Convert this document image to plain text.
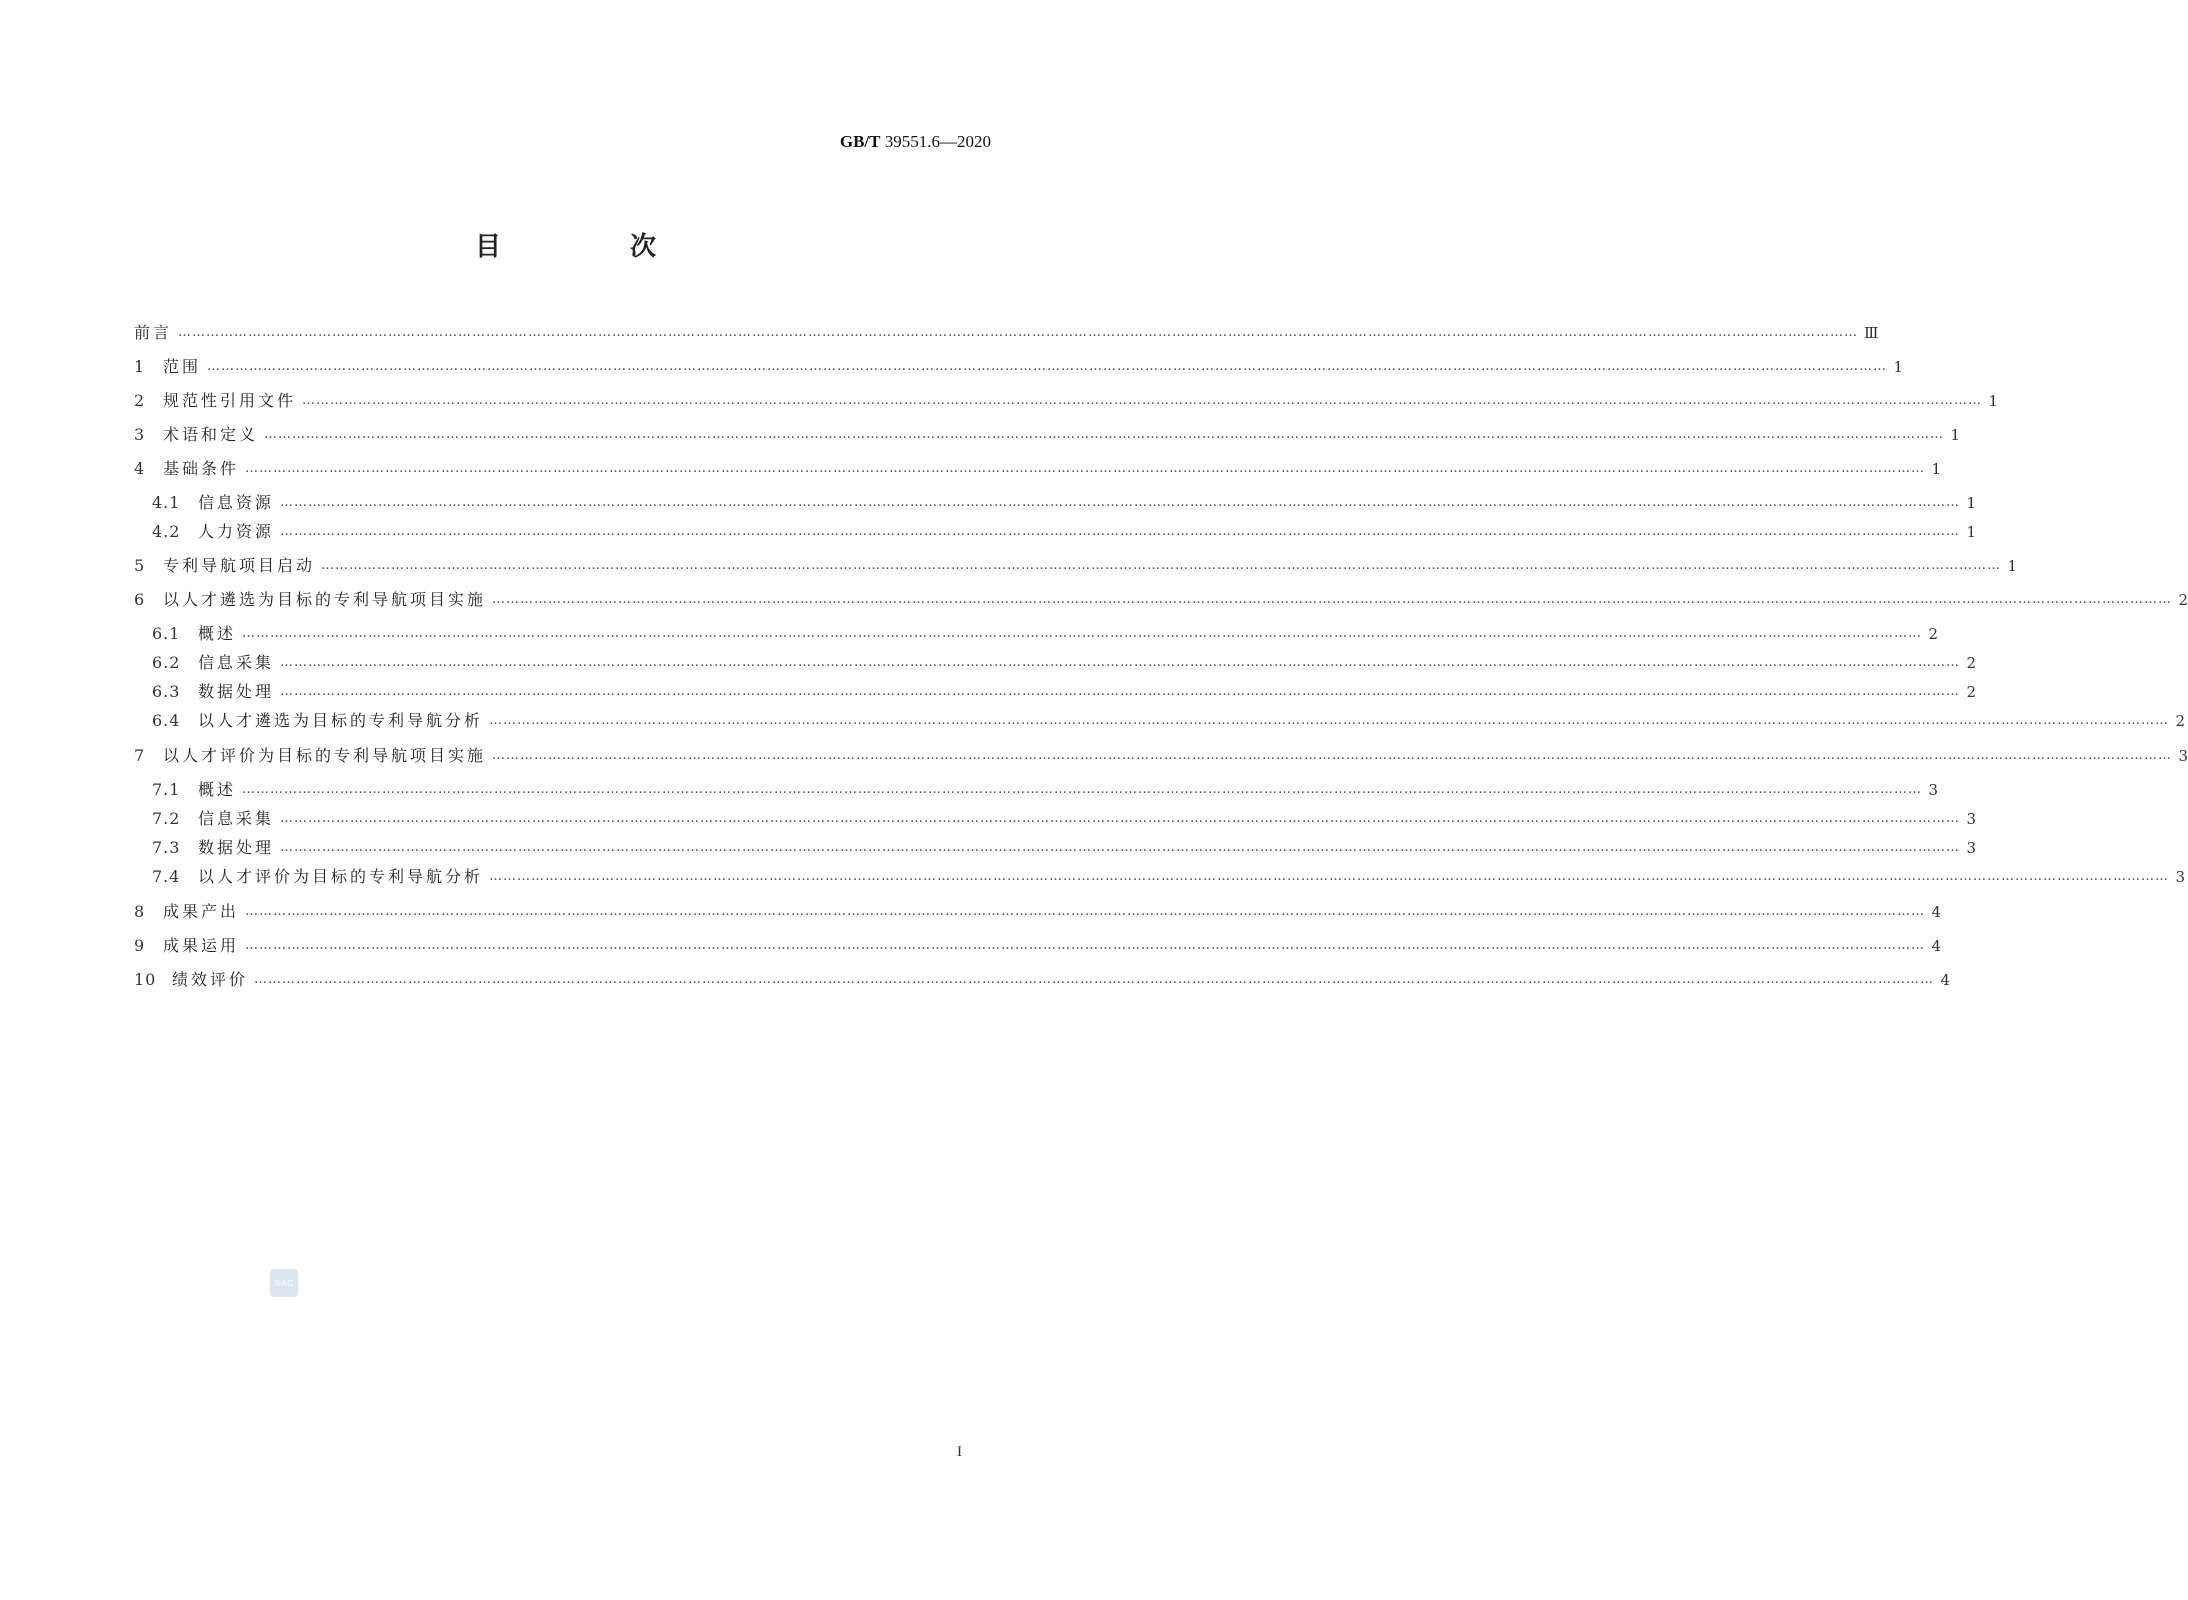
GB/T 39551.6—2020
目 次
前言 ……………………………………………………………………………………………………………………………………………………………………………………………………………………………………………………………………………………………………………………………… Ⅲ
1	范围 ……………………………………………………………………………………………………………………………………………………………………………………………………………………………………………………………………………………………………………………………… 1
2	规范性引用文件 ……………………………………………………………………………………………………………………………………………………………………………………………………………………………………………………………………………………………………………………………… 1
3	术语和定义 ……………………………………………………………………………………………………………………………………………………………………………………………………………………………………………………………………………………………………………………………… 1
4	基础条件 ……………………………………………………………………………………………………………………………………………………………………………………………………………………………………………………………………………………………………………………………… 1
4.1	信息资源 ……………………………………………………………………………………………………………………………………………………………………………………………………………………………………………………………………………………………………………………………… 1
4.2	人力资源 ……………………………………………………………………………………………………………………………………………………………………………………………………………………………………………………………………………………………………………………………… 1
5	专利导航项目启动 ……………………………………………………………………………………………………………………………………………………………………………………………………………………………………………………………………………………………………………………………… 1
6	以人才遴选为目标的专利导航项目实施 ……………………………………………………………………………………………………………………………………………………………………………………………………………………………………………………………………………………………………………………………… 2
6.1	概述 ……………………………………………………………………………………………………………………………………………………………………………………………………………………………………………………………………………………………………………………………… 2
6.2	信息采集 ……………………………………………………………………………………………………………………………………………………………………………………………………………………………………………………………………………………………………………………………… 2
6.3	数据处理 ……………………………………………………………………………………………………………………………………………………………………………………………………………………………………………………………………………………………………………………………… 2
6.4	以人才遴选为目标的专利导航分析 ……………………………………………………………………………………………………………………………………………………………………………………………………………………………………………………………………………………………………………………………… 2
7	以人才评价为目标的专利导航项目实施 ……………………………………………………………………………………………………………………………………………………………………………………………………………………………………………………………………………………………………………………………… 3
7.1	概述 ……………………………………………………………………………………………………………………………………………………………………………………………………………………………………………………………………………………………………………………………… 3
7.2	信息采集 ……………………………………………………………………………………………………………………………………………………………………………………………………………………………………………………………………………………………………………………………… 3
7.3	数据处理 ……………………………………………………………………………………………………………………………………………………………………………………………………………………………………………………………………………………………………………………………… 3
7.4	以人才评价为目标的专利导航分析 ……………………………………………………………………………………………………………………………………………………………………………………………………………………………………………………………………………………………………………………………… 3
8	成果产出 ……………………………………………………………………………………………………………………………………………………………………………………………………………………………………………………………………………………………………………………………… 4
9	成果运用 ……………………………………………………………………………………………………………………………………………………………………………………………………………………………………………………………………………………………………………………………… 4
10 绩效评价 ……………………………………………………………………………………………………………………………………………………………………………………………………………………………………………………………………………………………………………………………… 4
SAC
I
